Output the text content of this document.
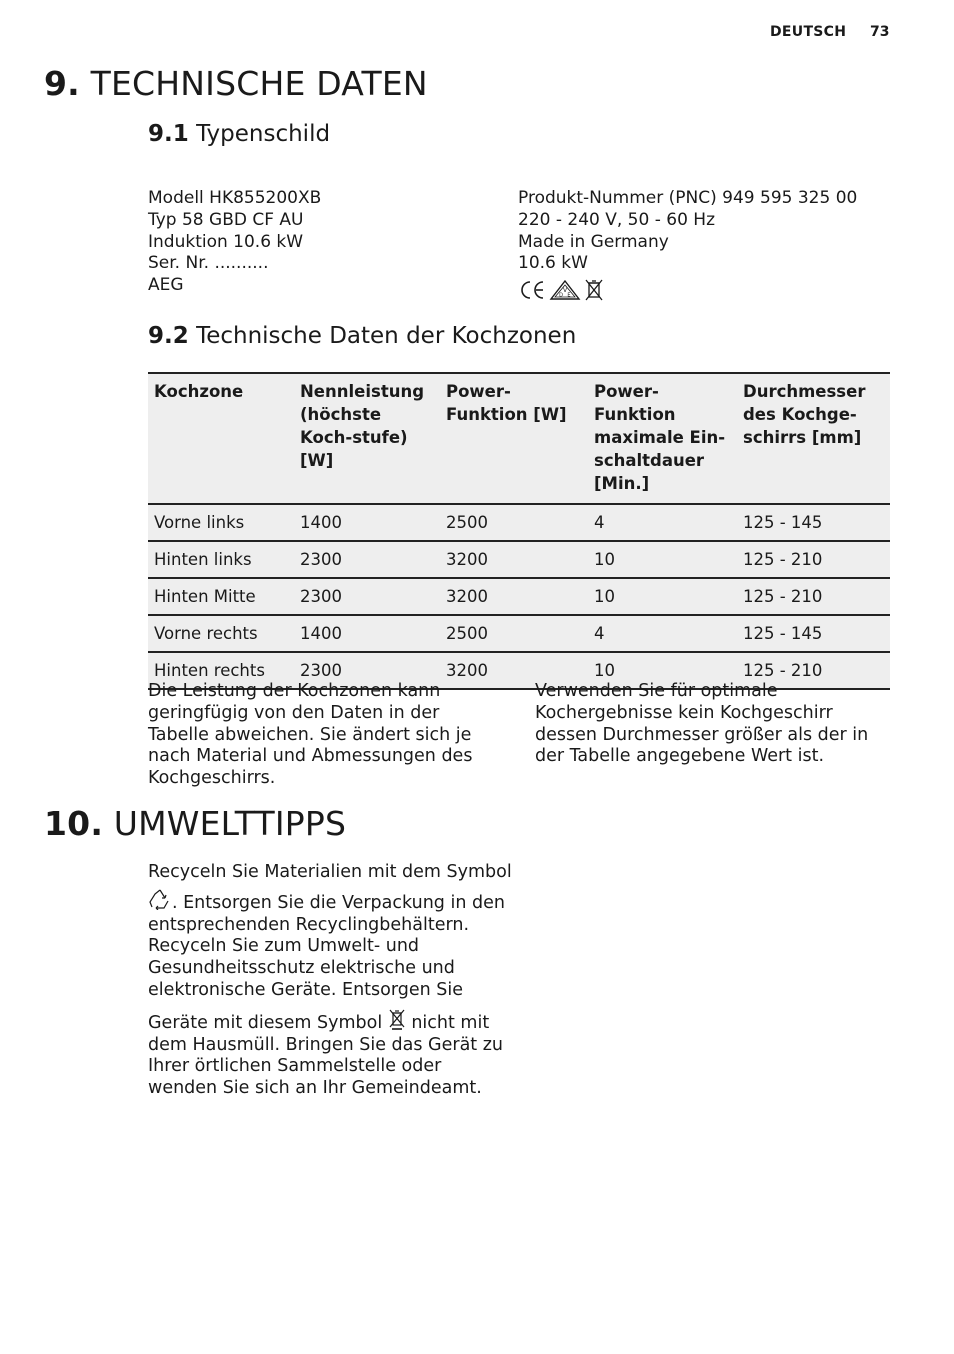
DEUTSCH 73
9. TECHNISCHE DATEN
9.1 Typenschild
Modell HK855200XB
Typ 58 GBD CF AU
Induktion 10.6 kW
Ser. Nr. ..........
AEG
Produkt-Nummer (PNC) 949 595 325 00
220 - 240 V, 50 - 60 Hz
Made in Germany
10.6 kW
V
D E
9.2 Technische Daten der Kochzonen
Kochzone	Nennleistung (höchste Koch-stufe) [W]	Power-Funktion [W]	Power-Funktion maximale Ein-schaltdauer [Min.]	Durchmesser des Kochge-schirrs [mm]
Vorne links	1400	2500	4	125 - 145
Hinten links	2300	3200	10	125 - 210
Hinten Mitte	2300	3200	10	125 - 210
Vorne rechts	1400	2500	4	125 - 145
Hinten rechts	2300	3200	10	125 - 210
Die Leistung der Kochzonen kann
geringfügig von den Daten in der
Tabelle abweichen. Sie ändert sich je
nach Material und Abmessungen des
Kochgeschirrs.
Verwenden Sie für optimale
Kochergebnisse kein Kochgeschirr
dessen Durchmesser größer als der in
der Tabelle angegebene Wert ist.
10. UMWELTTIPPS
Recyceln Sie Materialien mit dem Symbol
. Entsorgen Sie die Verpackung in den
entsprechenden Recyclingbehältern.
Recyceln Sie zum Umwelt- und
Gesundheitsschutz elektrische und
elektronische Geräte. Entsorgen Sie
Geräte mit diesem Symbol  nicht mit
dem Hausmüll. Bringen Sie das Gerät zu
Ihrer örtlichen Sammelstelle oder
wenden Sie sich an Ihr Gemeindeamt.
